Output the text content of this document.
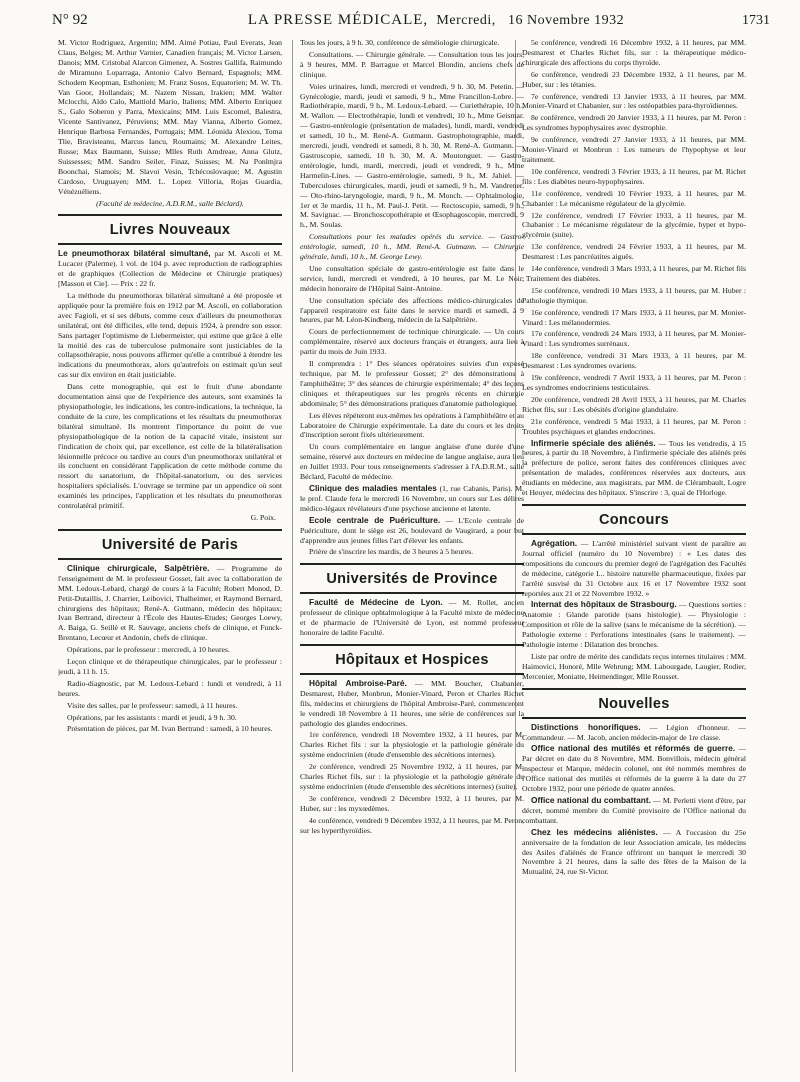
N° 92	LA PRESSE MÉDICALE, Mercredi, 16 Novembre 1932	1731

M. Victor Rodriguez, Argentin; MM. Aimé Potiau, Paul Everats, Jean Claus, Belges; M. Arthur Varnier, Canadien français; M. Victor Larsen, Danois; MM. Cristobal Alarcon Gimenez, A. Sostres Gallifa, Raimundo de Miramuno Loparraga, Antonio Calvo Bernard, Espagnols; MM. Schodem Keopman, Esthonien; M. Franz Sosos, Equatorien; M. W. Th. Van Goor, Hollandais; M. Nazem Nissan, Irakien; MM. Walter Mclocchi, Aldo Calo, Mattiold Mario, Italiens; MM. Alberto Enriquez S., Galo Soberon y Parra, Mexicains; MM. Luis Escomel, Balestra, Vicente Santivanez, Péruviens; MM. May Vianna, Alberto Gomez, Henrique Barbosa Fernandes, Portugais; MM. Léonida Alexiou, Toma Tlie, Bravisteanu, Marcus Iancu, Roumains; M. Alexandre Leites, Russe; Max Baumann, Suisse; Mlles Ruth Amdreae, Anna Glutz, Suissesses; MM. Sandro Seiler, Finaz, Suisses; M. Na Ponlmjra Boonchai, Siamois; M. Slavoi Vesin, Tchécoslovaque; M. Agustin Cardoso, Uruguayen; MM. L. Lopez Villoria, Rojas Guardia, Vénézuéliens.

(Faculté de médecine, A.D.R.M., salle Béclard).

Livres Nouveaux

Le pneumothorax bilatéral simultané, par M. Ascoli et M. Lucacer (Palerme). 1 vol. de 104 p. avec reproduction de radiographies et de graphiques (Collection de Médecine et Chirurgie pratiques) [Masson et Cie]. — Prix : 22 fr.

La méthode du pneumothorax bilatéral simultané a été proposée et appliquée pour la première fois en 1912 par M. Ascoli, en collaboration avec Fagioli, et si ses débuts, comme ceux d'ailleurs du pneumothorax unilatéral, ont été difficiles, elle tend, depuis 1924, à prendre son essor. Sans partager l'optimisme de Liebermeister, qui estime que grâce à elle la moitié des cas de tuberculose pulmonaire sont justiciables de la collapsothérapie, nous pouvons affirmer qu'elle a contribué à étendre les indications du pneumothorax, alors qu'autrefois on estimait qu'un seul cas sur dix environ en était justiciable.

Dans cette monographie, qui est le fruit d'une abondante documentation ainsi que de l'expérience des auteurs, sont examinés la physiopathologie, les indications, les contre-indications, la technique, la conduite de la cure, les complications et les résultats du pneumothorax bilatéral simultané. Ils montrent l'importance du point de vue physiopathologique de la notion de la capacité vitale, insistent sur l'indication de choix qui, par excellence, est celle de la bilatéralisation lésionnelle précoce ou tardive au cours d'un pneumothorax unilatéral et ils concluent en considérant l'application de cette méthode comme du ressort du sanatorium, de l'hôpital-sanatorium, ou des services hospitaliers spécialisés. L'ouvrage se termine par un appendice où sont examinés les principes, l'application et les résultats du pneumothorax controlatéral primitif.

G. Poix.

Université de Paris

Clinique chirurgicale, Salpêtrière. — Programme de l'enseignement de M. le professeur Gosset, fait avec la collaboration de MM. Ledoux-Lebard, chargé de cours à la Faculté; Robert Monod, D. Petit-Dutaillis, J. Charrier, Leibovici, Thalheimer, et Raymond Bernard, chirurgiens des hôpitaux; René-A. Gutmann, médecin des hôpitaux; Ivan Bertrand, directeur à l'École des Hautes-Etudes; Georges Loewy, A. Baiga, G. Seillé et R. Sauvage, anciens chefs de clinique, et Funck-Brentano, Lecœur et Andonin, chefs de clinique.

Opérations, par le professeur : mercredi, à 10 heures.

Leçon clinique et de thérapeutique chirurgicales, par le professeur : jeudi, à 11 h. 15.

Radio-diagnostic, par M. Ledoux-Lebard : lundi et vendredi, à 11 heures.

Visite des salles, par le professeur: samedi, à 11 heures.

Opérations, par les assistants : mardi et jeudi, à 9 h. 30.

Présentation de pièces, par M. Ivan Bertrand : samedi, à 10 heures.

Tous les jours, à 9 h. 30, conférence de séméiologie chirurgicale.

Consultations. — Chirurgie générale. — Consultation tous les jours, à 9 heures, MM. P. Barrague et Marcel Blondin, anciens chefs de clinique.

Voies urinaires, lundi, mercredi et vendredi, 9 h. 30, M. Petetin. — Gynécologie, mardi, jeudi et samedi, 9 h., Mme Francillon-Lobre. — Radiothérapie, mardi, 9 h., M. Ledoux-Lebard. — Curiethérapie, 10 h., M. Wallon. — Electrothérapie, lundi et vendredi, 10 h., Mme Geismar. — Gastro-entérologie (présentation de malades), lundi, mardi, vendredi et samedi, 10 h., M. René-A. Gutmann. Gastrophotographie, mardi, mercredi, jeudi, vendredi et samedi, 8 h. 30, M. René-A. Gutmann. — Gastroscopie, samedi, 10 h. 30, M. A. Moutonguet. — Gastro-entérologie, lundi, mardi, mercredi, jeudi et vendredi, 9 h., Mme Harmelin-Lines. — Gastro-entérologie, samedi, 9 h., M. Jahiel. — Tuberculoses chirurgicales, mardi, jeudi et samedi, 9 h., M. Vandrener. — Oto-rhino-laryngologie, mardi, 9 h., M. Monch. — Ophtalmologie, 1er et 3e mardis, 11 h., M. Paul-J. Petit. — Rectoscopie, samedi, 9 h., M. Savignac. — Bronchoscopothérapie et Œsophagoscopie, mercredi, 9 h., M. Soulas.

Consultations pour les malades opérés du service. — Gastro-entérologie, samedi, 10 h., MM. René-A. Gutmann. — Chirurgie générale, lundi, 10 h., M. George Lewy.

Une consultation spéciale de gastro-entérologie est faite dans le service, lundi, mercredi et vendredi, à 10 heures, par M. Le Noir, médecin honoraire de l'Hôpital Saint-Antoine.

Une consultation spéciale des affections médico-chirurgicales de l'appareil respiratoire est faite dans le service mardi et samedi, à 9 heures, par M. Léon-Kindberg, médecin de la Salpêtrière.

Cours de perfectionnement de technique chirurgicale. — Un cours complémentaire, réservé aux docteurs français et étrangers, aura lieu à partir du mois de Juin 1933.

Il comprendra : 1° Des séances opératoires suivies d'un exposé technique, par M. le professeur Gosset; 2° des démonstrations à l'amphithéâtre; 3° des séances de chirurgie expérimentale; 4° des leçons cliniques et thérapeutiques sur les progrès récents en chirurgie abdominale; 5° des démonstrations pratiques d'anatomie pathologique.

Les élèves répéteront eux-mêmes les opérations à l'amphithéâtre et au Laboratoire de Chirurgie expérimentale. La date du cours et les droits d'inscription seront fixés ultérieurement.

Un cours complémentaire en langue anglaise d'une durée d'une semaine, réservé aux docteurs en médecine de langue anglaise, aura lieu en Juillet 1933. Pour tous renseignements s'adresser à l'A.D.R.M., salle Béclard, Faculté de médecine.

Clinique des maladies mentales (1, rue Cabanis, Paris). M. le prof. Claude fera le mercredi 16 Novembre, un cours sur Les délires médico-légaux révélateurs d'une psychose ancienne et latente.

Ecole centrale de Puériculture. — L'Ecole centrale de Puériculture, dont le siège est 26, boulevard de Vaugirard, a pour but d'apprendre aux jeunes filles l'art d'élever les enfants.

Prière de s'inscrire les mardis, de 3 heures à 5 heures.

Universités de Province

Faculté de Médecine de Lyon. — M. Rollet, ancien professeur de clinique ophtalmologique à la Faculté mixte de médecine et de pharmacie de l'Université de Lyon, est nommé professeur honoraire de ladite Faculté.

Hôpitaux et Hospices

Hôpital Ambroise-Paré. — MM. Boucher, Chabanier, Desmarest, Huber, Monbrun, Monier-Vinard, Peron et Charles Richet fils, médecins et chirurgiens de l'hôpital Ambroise-Paré, commenceront le vendredi 18 Novembre à 11 heures, une série de conférences sur la pathologie des glandes endocrines.

1re conférence, vendredi 18 Novembre 1932, à 11 heures, par M. Charles Richet fils : sur la physiologie et la pathologie générale du système endocrinien (étude d'ensemble des sécrétions internes).

2e conférence, vendredi 25 Novembre 1932, à 11 heures, par M. Charles Richet fils, sur : la physiologie et la pathologie générale du système endocrinien (étude d'ensemble des sécrétions internes) (suite).

3e conférence, vendredi 2 Décembre 1932, à 11 heures, par M. Huber, sur : les myxœdèmes.

4e conférence, vendredi 9 Décembre 1932, à 11 heures, par M. Peron, sur les hyperthyroïdies.

5e conférence, vendredi 16 Décembre 1932, à 11 heures, par MM. Desmarest et Charles Richet fils, sur : la thérapeutique médico-chirurgicale des affections du corps thyroïde.

6e conférence, vendredi 23 Décembre 1932, à 11 heures, par M. Huber, sur : les tétanies.

7e conférence, vendredi 13 Janvier 1933, à 11 heures, par MM. Monier-Vinard et Chabanier, sur : les ostéopathies para-thyroïdiennes.

8e conférence, vendredi 20 Janvier 1933, à 11 heures, par M. Peron : Les syndromes hypophysaires avec dystrophie.

9e conférence, vendredi 27 Janvier 1933, à 11 heures, par MM. Monier-Vinard et Monbrun : Les tumeurs de l'hypophyse et leur traitement.

10e conférence, vendredi 3 Février 1933, à 11 heures, par M. Richet fils : Les diabètes neuro-hypophysaires.

11e conférence, vendredi 10 Février 1933, à 11 heures, par M. Chabanier : Le mécanisme régulateur de la glycémie.

12e conférence, vendredi 17 Février 1933, à 11 heures, par M. Chabanier : Le mécanisme régulateur de la glycémie, hyper et hypo-glycémie (suite).

13e conférence, vendredi 24 Février 1933, à 11 heures, par M. Desmarest : Les pancréatites aiguës.

14e conférence, vendredi 3 Mars 1933, à 11 heures, par M. Richet fils : Traitement des diabètes.

15e conférence, vendredi 10 Mars 1933, à 11 heures, par M. Huber : Pathologie thymique.

16e conférence, vendredi 17 Mars 1933, à 11 heures, par M. Monier-Vinard : Les mélanodermies.

17e conférence, vendredi 24 Mars 1933, à 11 heures, par M. Monier-Vinard : Les syndromes surrénaux.

18e conférence, vendredi 31 Mars 1933, à 11 heures, par M. Desmarest : Les syndromes ovariens.

19e conférence, vendredi 7 Avril 1933, à 11 heures, par M. Peron : Les syndromes endocriniens testiculaires.

20e conférence, vendredi 28 Avril 1933, à 11 heures, par M. Charles Richet fils, sur : Les obésités d'origine glandulaire.

21e conférence, vendredi 5 Mai 1933, à 11 heures, par M. Peron : Troubles psychiques et glandes endocrines.

Infirmerie spéciale des aliénés. — Tous les vendredis, à 15 heures, à partir du 18 Novembre, à l'infirmerie spéciale des aliénés près la préfecture de police, seront faites des conférences cliniques avec présentation de malades, conférences réservées aux docteurs, aux étudiants en médecine, aux magistrats, par MM. de Clérambault, Logre et Heuyer, médecins des hôpitaux. S'inscrire : 3, quai de l'Horloge.

Concours

Agrégation. — L'arrêté ministériel suivant vient de paraître au Journal officiel (numéro du 10 Novembre) : « Les dates des compositions du concours du premier degré de l'agrégation des Facultés de médecine, catégorie I... histoire naturelle pharmaceutique, fixées par l'arrêté susvisé du 31 Octobre aux 16 et 17 Novembre 1932 sont reportées aux 21 et 22 Novembre 1932. »

Internat des hôpitaux de Strasbourg. — Questions sorties : Anatomie : Glande parotide (sans histologie). — Physiologie : Composition et rôle de la salive (sans le mécanisme de la sécrétion). — Pathologie externe : Perforations intestinales (sans le traitement). — Pathologie interne : Dilatation des bronches.

Liste par ordre de mérite des candidats reçus internes titulaires : MM. Haimovici, Honoré, Mlle Wehrung; MM. Labourgade, Laugier, Rodier, Mercenier, Moniatte, Heimendinger, Mlle Rousset.

Nouvelles

Distinctions honorifiques. — Légion d'honneur. — Commandeur. — M. Jacob, ancien médecin-major de 1re classe.

Office national des mutilés et réformés de guerre. — Par décret en date du 8 Novembre, MM. Bonvillois, médecin général inspecteur et Marque, médecin colonel, ont été nommés membres de l'Office national des mutilés et réformés de la guerre à la date du 27 Octobre 1932, pour une période de quatre années.

Office national du combattant. — M. Perletti vient d'être, par décret, nommé membre du Comité provisoire de l'Office national du combattant.

Chez les médecins aliénistes. — A l'occasion du 25e anniversaire de la fondation de leur Association amicale, les médecins des Asiles d'aliénés de France offriront un banquet le mercredi 30 Novembre à 21 heures, dans la salle des fêtes de la Maison de la Mutualité, 24, rue St-Victor.
